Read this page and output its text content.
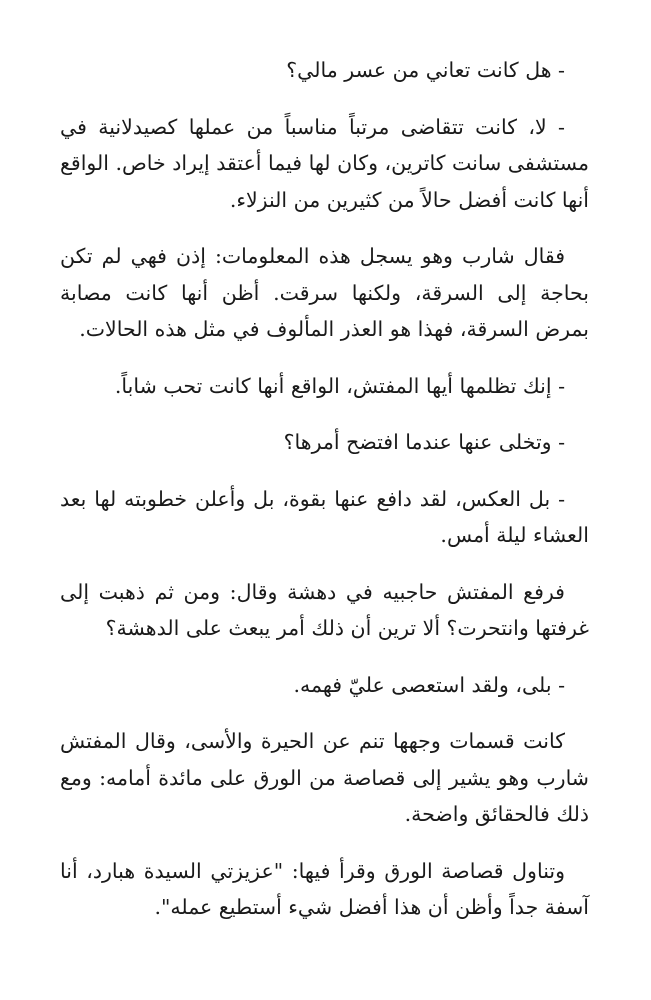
- هل كانت تعاني من عسر مالي؟

- لا، كانت تتقاضى مرتباً مناسباً من عملها كصيدلانية في مستشفى سانت كاترين، وكان لها فيما أعتقد إيراد خاص. الواقع أنها كانت أفضل حالاً من كثيرين من النزلاء.

فقال شارب وهو يسجل هذه المعلومات: إذن فهي لم تكن بحاجة إلى السرقة، ولكنها سرقت. أظن أنها كانت مصابة بمرض السرقة، فهذا هو العذر المألوف في مثل هذه الحالات.

- إنك تظلمها أيها المفتش، الواقع أنها كانت تحب شاباً.

- وتخلى عنها عندما افتضح أمرها؟

- بل العكس، لقد دافع عنها بقوة، بل وأعلن خطوبته لها بعد العشاء ليلة أمس.

فرفع المفتش حاجبيه في دهشة وقال: ومن ثم ذهبت إلى غرفتها وانتحرت؟ ألا ترين أن ذلك أمر يبعث على الدهشة؟

- بلى، ولقد استعصى عليّ فهمه.

كانت قسمات وجهها تنم عن الحيرة والأسى، وقال المفتش شارب وهو يشير إلى قصاصة من الورق على مائدة أمامه: ومع ذلك فالحقائق واضحة.

وتناول قصاصة الورق وقرأ فيها: "عزيزتي السيدة هبارد، أنا آسفة جداً وأظن أن هذا أفضل شيء أستطيع عمله".
